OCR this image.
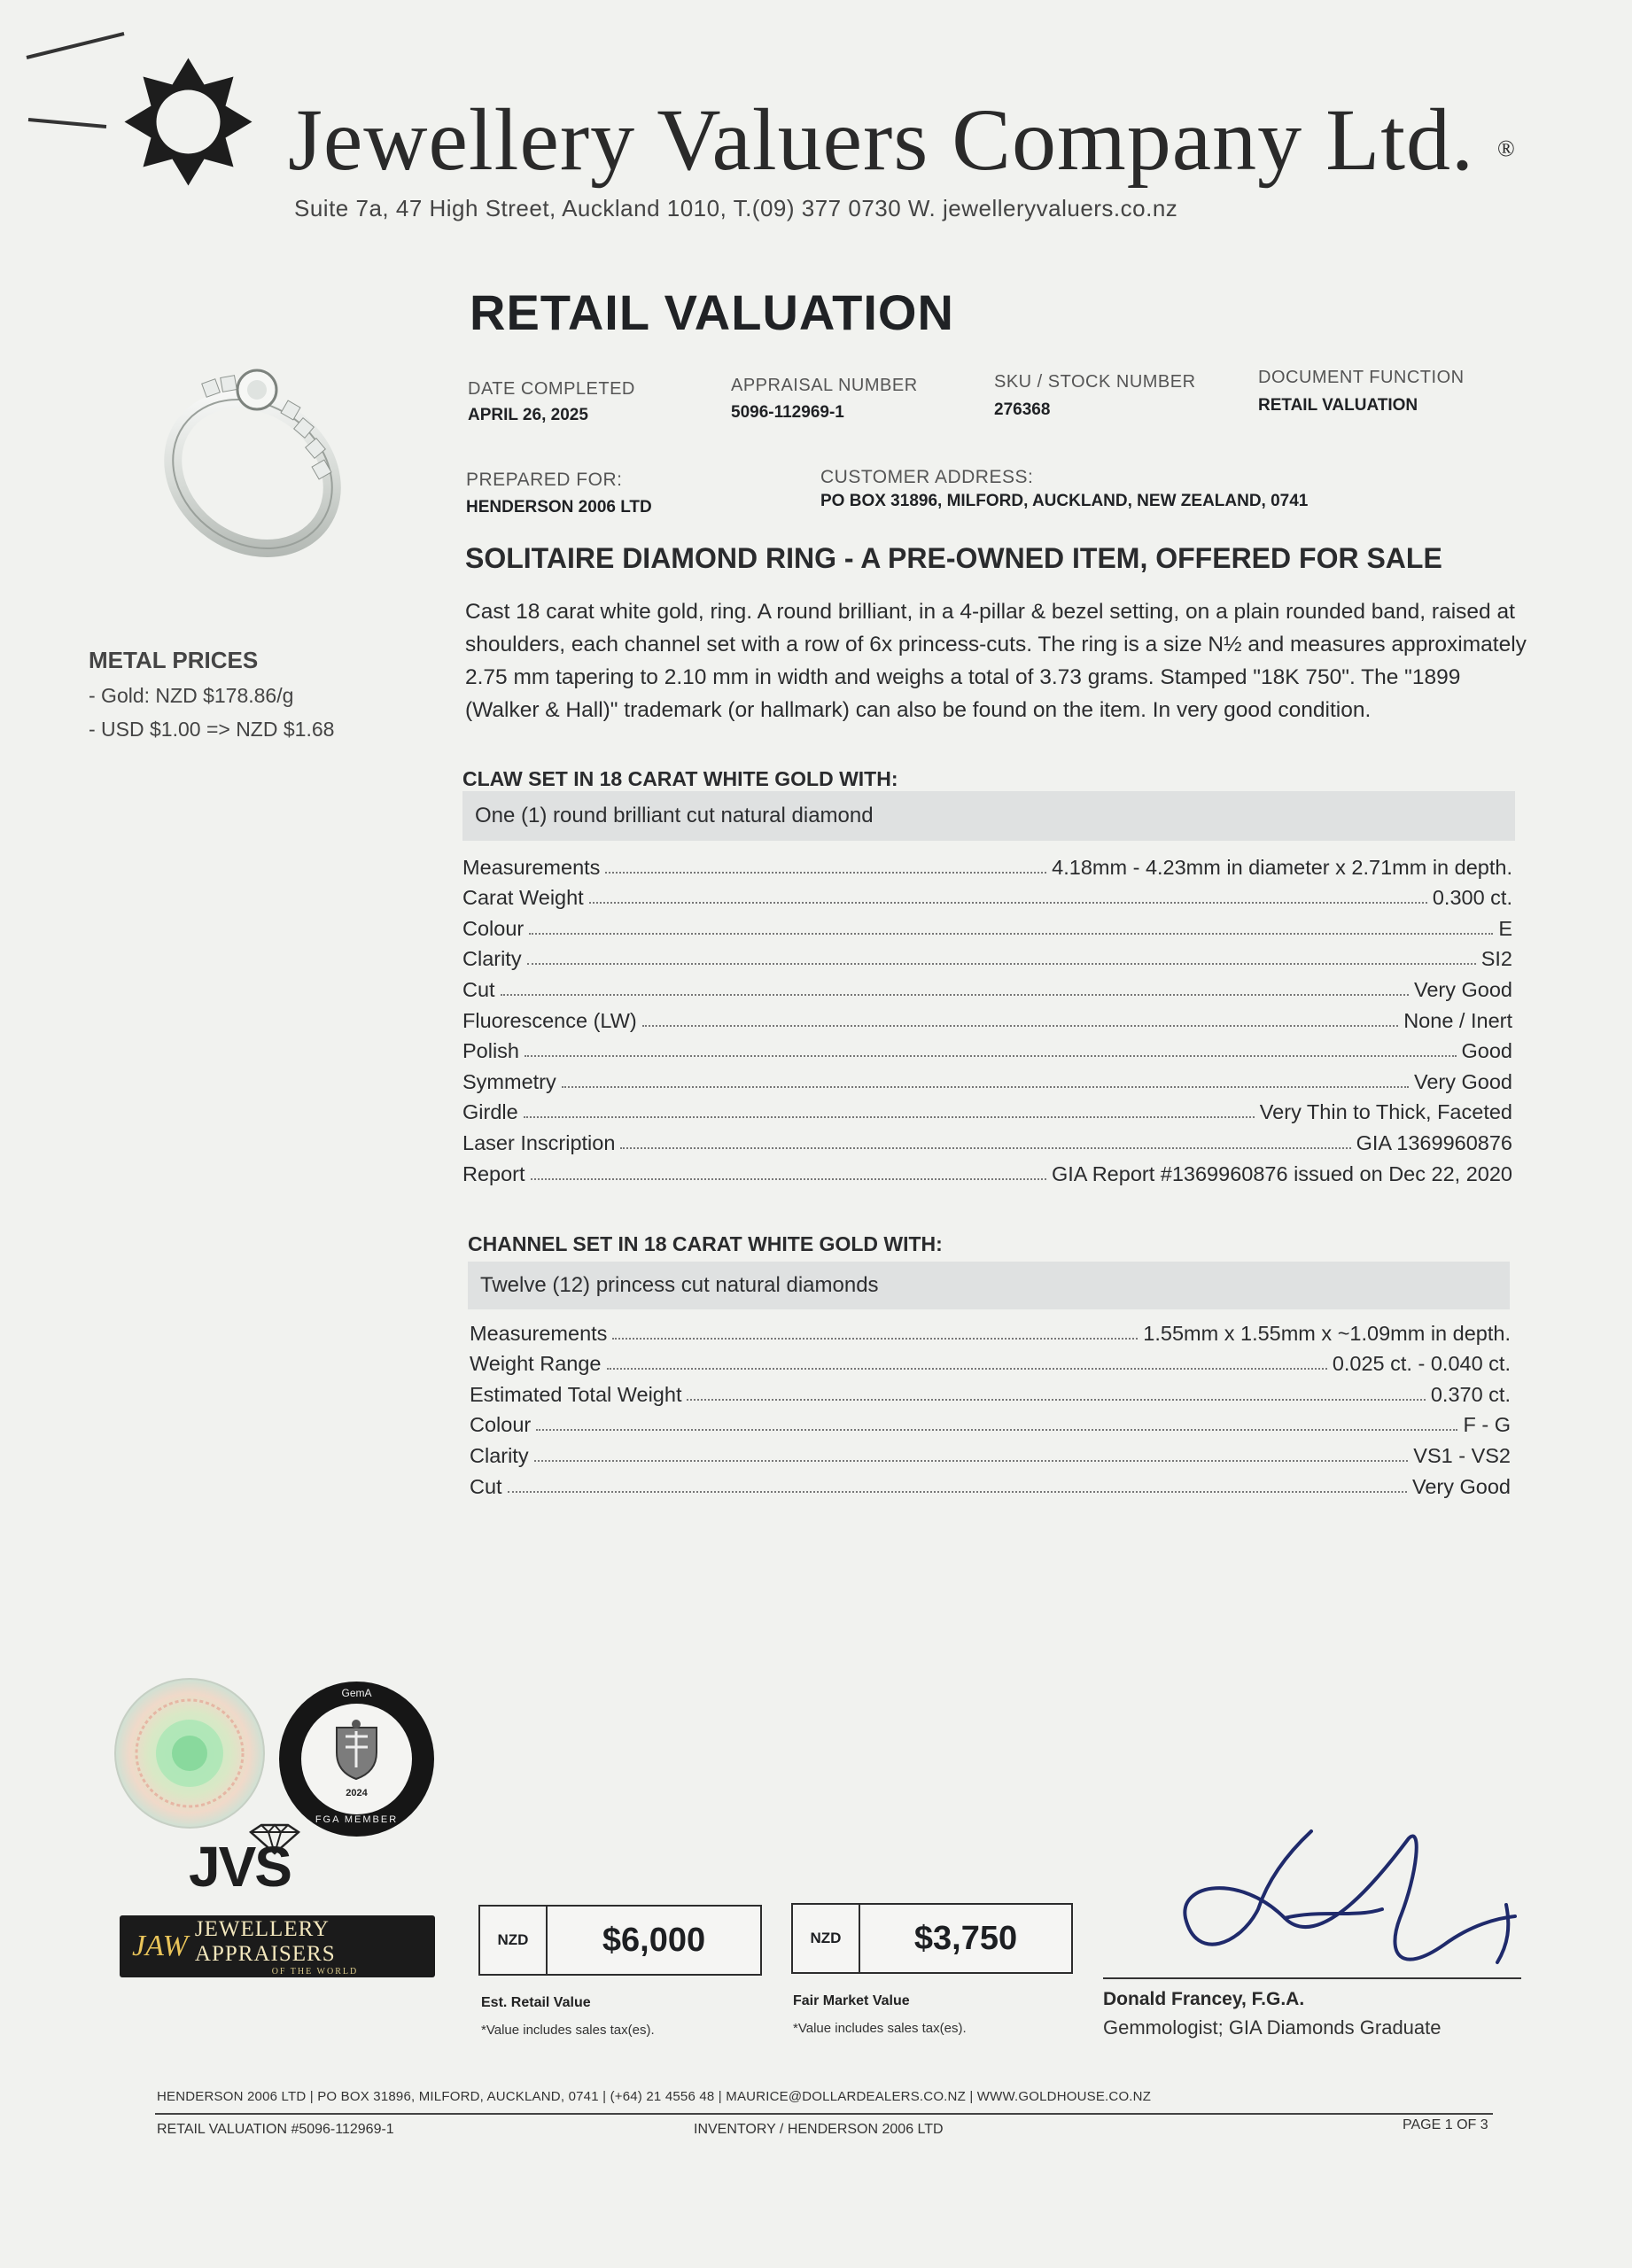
Jewellery Valuers Company Ltd. ®
Suite 7a, 47 High Street, Auckland 1010, T.(09) 377 0730 W. jewelleryvaluers.co.nz
RETAIL VALUATION
DATE COMPLETED
APRIL 26, 2025
APPRAISAL NUMBER
5096-112969-1
SKU / STOCK NUMBER
276368
DOCUMENT FUNCTION
RETAIL VALUATION
PREPARED FOR:
HENDERSON 2006 LTD
CUSTOMER ADDRESS:
PO BOX 31896, MILFORD, AUCKLAND, NEW ZEALAND, 0741
METAL PRICES
- Gold: NZD $178.86/g
- USD $1.00 => NZD $1.68
SOLITAIRE DIAMOND RING - A PRE-OWNED ITEM, OFFERED FOR SALE
Cast 18 carat white gold, ring. A round brilliant, in a 4-pillar & bezel setting, on a plain rounded band, raised at shoulders, each channel set with a row of 6x princess-cuts. The ring is a size N½ and measures approximately 2.75 mm tapering to 2.10 mm in width and weighs a total of 3.73 grams. Stamped "18K 750". The "1899 (Walker & Hall)" trademark (or hallmark) can also be found on the item. In very good condition.
CLAW SET IN 18 CARAT WHITE GOLD WITH:
One (1) round brilliant cut natural diamond
Measurements	4.18mm - 4.23mm in diameter x 2.71mm in depth.
Carat Weight	0.300 ct.
Colour	E
Clarity	SI2
Cut	Very Good
Fluorescence (LW)	None / Inert
Polish	Good
Symmetry	Very Good
Girdle	Very Thin to Thick, Faceted
Laser Inscription	GIA 1369960876
Report	GIA Report #1369960876 issued on Dec 22, 2020
CHANNEL SET IN 18 CARAT WHITE GOLD WITH:
Twelve (12) princess cut natural diamonds
Measurements	1.55mm x 1.55mm x ~1.09mm in depth.
Weight Range	0.025 ct. - 0.040 ct.
Estimated Total Weight	0.370 ct.
Colour	F - G
Clarity	VS1 - VS2
Cut	Very Good
GemA
2024
FGA MEMBER
JVS
JAW
JEWELLERY APPRAISERS
OF THE WORLD
NZD	$6,000
Est. Retail Value
*Value includes sales tax(es).
NZD	$3,750
Fair Market Value
*Value includes sales tax(es).
Donald Francey, F.G.A.
Gemmologist; GIA Diamonds Graduate
HENDERSON 2006 LTD | PO BOX 31896, MILFORD, AUCKLAND, 0741 | (+64) 21 4556 48 | MAURICE@DOLLARDEALERS.CO.NZ | WWW.GOLDHOUSE.CO.NZ
RETAIL VALUATION #5096-112969-1	INVENTORY / HENDERSON 2006 LTD	PAGE 1 OF 3
